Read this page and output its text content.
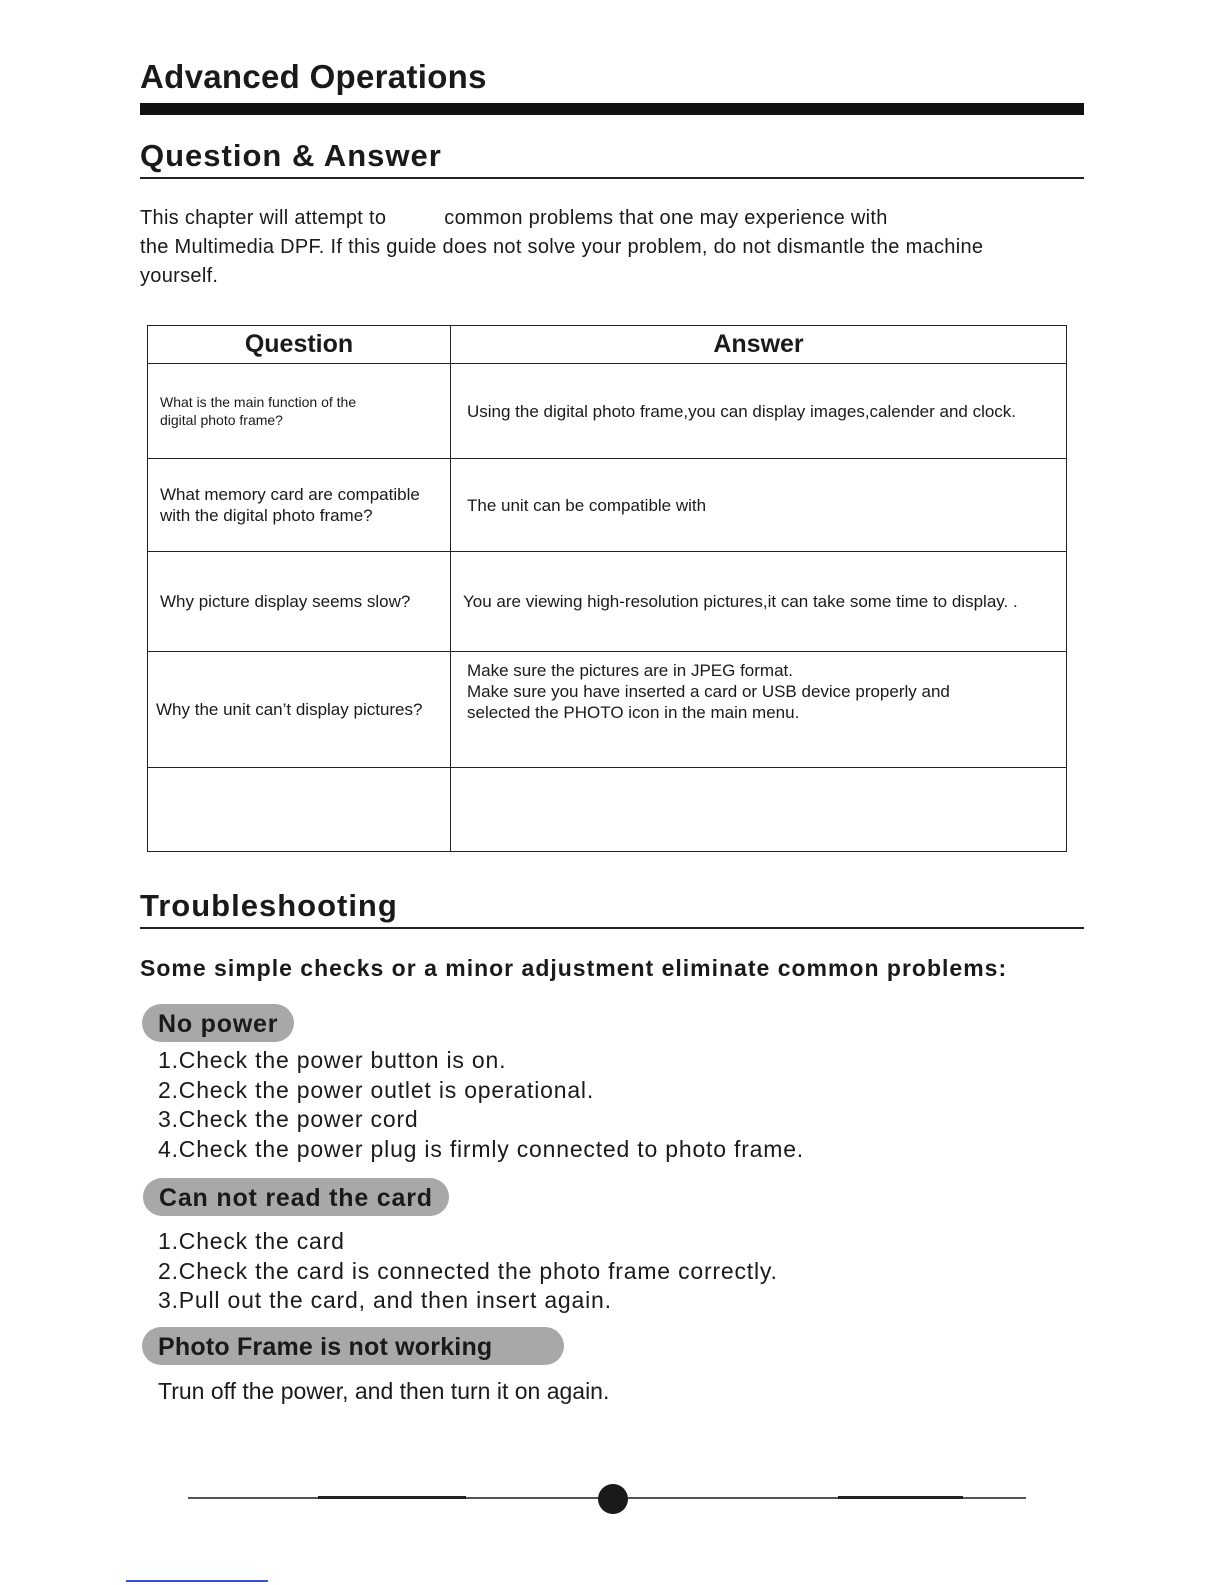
Advanced Operations
Question & Answer
This chapter will attempt to	common problems that one may experience with
the Multimedia DPF. If this guide does not solve your problem, do not dismantle the machine
yourself.
Question	Answer

What is the main function of the
digital photo frame?	Using the digital photo frame,you can display images,calender and clock.

What memory card are compatible
with the digital photo frame?	The unit can be compatible with

Why picture display seems slow?	You are viewing high-resolution pictures,it can take some time to display. .

Why the unit can’t display pictures?	Make sure the pictures are in JPEG format.
Make sure you have inserted a card or USB device properly and
selected the PHOTO icon in the main menu.

Troubleshooting
Some simple checks or a minor adjustment eliminate common problems:
No power
1.Check the power button is on.
2.Check the power outlet is operational.
3.Check the power cord
4.Check the power plug is firmly connected to photo frame.
Can not read the card
1.Check the card
2.Check the card is connected the photo frame correctly.
3.Pull out the card, and then insert again.
Photo Frame is not working
Trun off the power, and then turn it on again.
